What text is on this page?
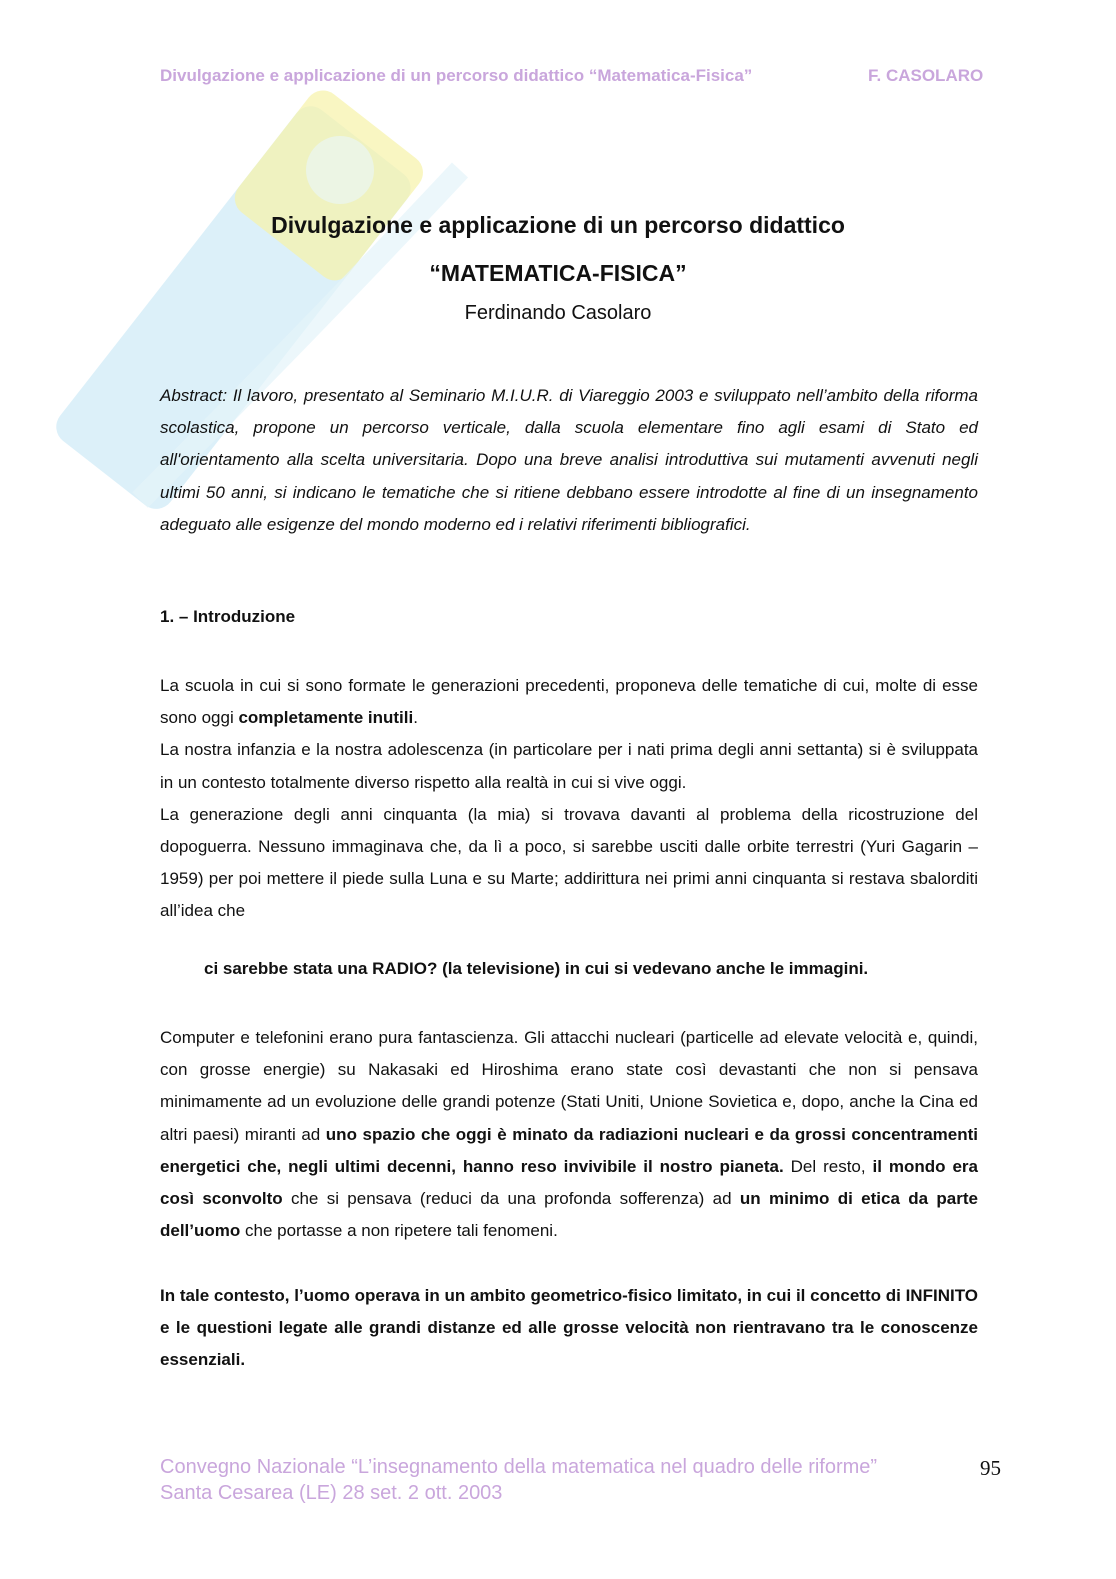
Divulgazione e applicazione di un percorso didattico “Matematica-Fisica”	F. CASOLARO
Divulgazione e applicazione di un percorso didattico
“MATEMATICA-FISICA”
Ferdinando Casolaro
Abstract: Il lavoro, presentato al Seminario M.I.U.R. di Viareggio 2003 e sviluppato nell’ambito della riforma scolastica, propone un percorso verticale, dalla scuola elementare fino agli esami di Stato ed all'orientamento alla scelta universitaria. Dopo una breve analisi introduttiva sui mutamenti avvenuti negli ultimi 50 anni, si indicano le tematiche che si ritiene debbano essere introdotte al fine di un insegnamento adeguato alle esigenze del mondo moderno ed i relativi riferimenti bibliografici.
1. – Introduzione
La scuola in cui si sono formate le generazioni precedenti, proponeva delle tematiche di cui, molte di esse sono oggi completamente inutili.
La nostra infanzia e la nostra adolescenza (in particolare per i nati prima degli anni settanta) si è sviluppata in un contesto totalmente diverso rispetto alla realtà in cui si vive oggi.
La generazione degli anni cinquanta (la mia) si trovava davanti al problema della ricostruzione del dopoguerra. Nessuno immaginava che, da lì a poco, si sarebbe usciti dalle orbite terrestri (Yuri Gagarin – 1959) per poi mettere il piede sulla Luna e su Marte; addirittura nei primi anni cinquanta si restava sbalorditi all’idea che
ci sarebbe stata una RADIO? (la televisione) in cui si vedevano anche le immagini.
Computer e telefonini erano pura fantascienza. Gli attacchi nucleari (particelle ad elevate velocità e, quindi, con grosse energie) su Nakasaki ed Hiroshima erano state così devastanti che non si pensava minimamente ad un evoluzione delle grandi potenze (Stati Uniti, Unione Sovietica e, dopo, anche la Cina ed altri paesi) miranti ad uno spazio che oggi è minato da radiazioni nucleari e da grossi concentramenti energetici che, negli ultimi decenni, hanno reso invivibile il nostro pianeta. Del resto, il mondo era così sconvolto che si pensava (reduci da una profonda sofferenza) ad un minimo di etica da parte dell’uomo che portasse a non ripetere tali fenomeni.
In tale contesto, l’uomo operava in un ambito geometrico-fisico limitato, in cui il concetto di INFINITO e le questioni legate alle grandi distanze ed alle grosse velocità non rientravano tra le conoscenze essenziali.
Convegno Nazionale “L’insegnamento della matematica nel quadro delle riforme”
Santa Cesarea (LE) 28 set. 2 ott. 2003
95
